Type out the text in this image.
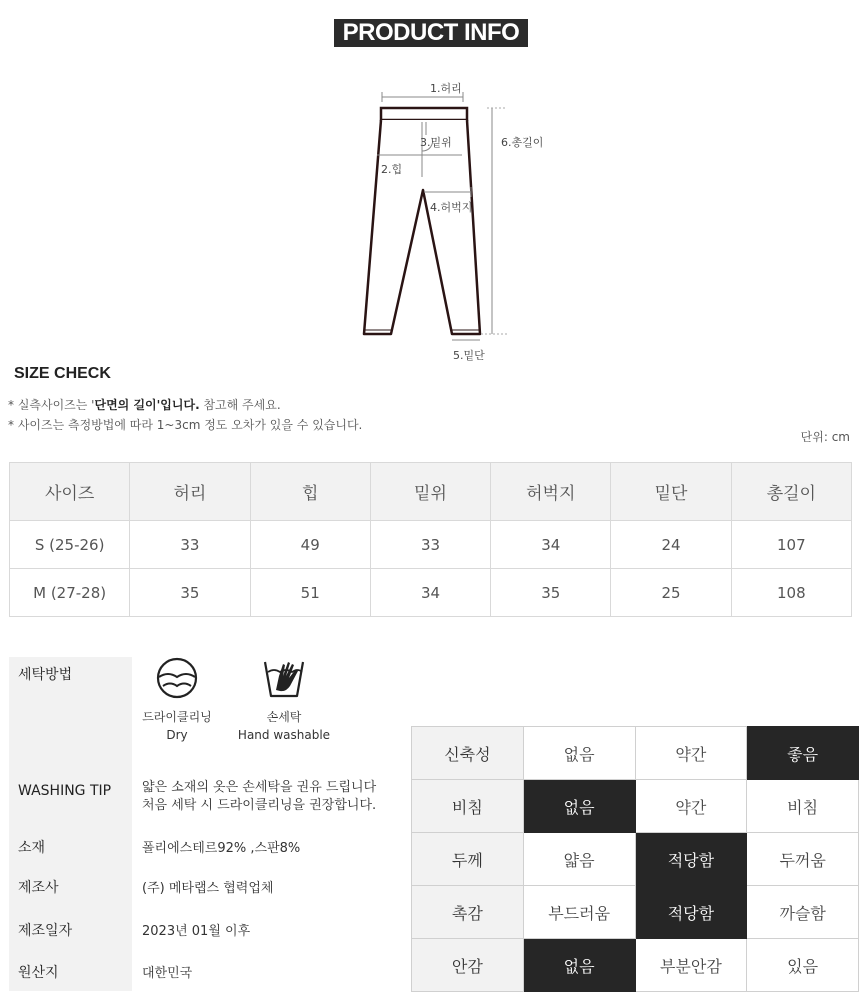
PRODUCT INFO
1.허리
2.힙
3.밑위
4.허벅지
5.밑단
6.총길이
SIZE CHECK
* 실측사이즈는 '단면의 길이'입니다. 참고해 주세요.
* 사이즈는 측정방법에 따라 1~3cm 정도 오차가 있을 수 있습니다.
단위: cm
사이즈	허리	힙	밑위	허벅지	밑단	총길이
S (25-26)	33	49	33	34	24	107
M (27-28)	35	51	34	35	25	108
세탁방법
드라이클리닝
Dry
손세탁
Hand washable
WASHING TIP 얇은 소재의 옷은 손세탁을 권유 드립니다
처음 세탁 시 드라이클리닝을 권장합니다.
소재	폴리에스테르92% ,스판8%
제조사	(주) 메타랩스 협력업체
제조일자	2023년 01월 이후
원산지	대한민국
신축성	없음	약간	좋음
비침	없음	약간	비침
두께	얇음	적당함	두꺼움
촉감	부드러움	적당함	까슬함
안감	없음	부분안감	있음
